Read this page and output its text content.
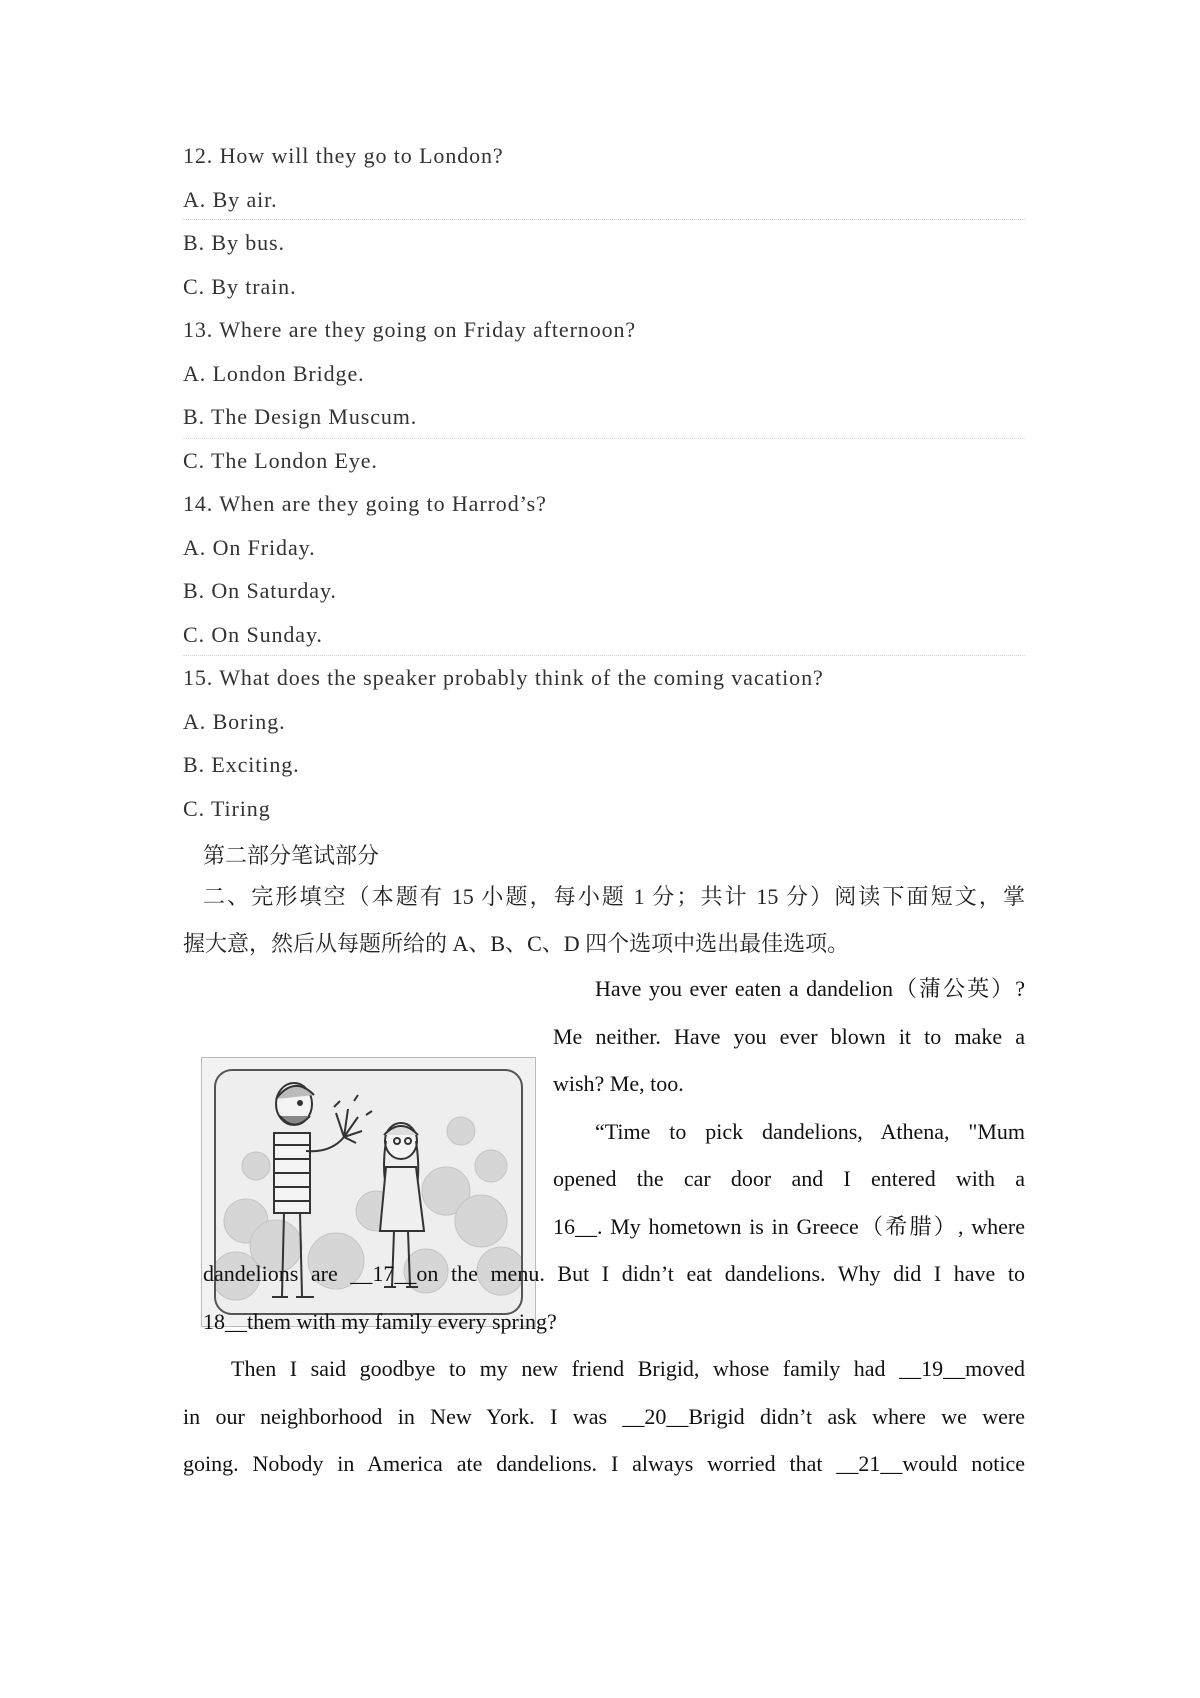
12. How will they go to London?
A. By air.
B. By bus.
C. By train.
13. Where are they going on Friday afternoon?
A. London Bridge.
B. The Design Muscum.
C. The London Eye.
14. When are they going to Harrod’s?
A. On Friday.
B. On Saturday.
C. On Sunday.
15. What does the speaker probably think of the coming vacation?
A. Boring.
B. Exciting.
C. Tiring
第二部分笔试部分
二、完形填空（本题有 15 小题，每小题 1 分；共计 15 分）阅读下面短文，掌
握大意，然后从每题所给的 A、B、C、D 四个选项中选出最佳选项。
Have you ever eaten a dandelion（蒲公英）?
Me neither. Have you ever blown it to make a
wish? Me, too.
“Time to pick dandelions, Athena, "Mum
opened the car door and I entered with a
16__. My hometown is in Greece（希腊）, where
dandelions are __17__on the menu. But I didn’t eat dandelions. Why did I have to
18__them with my family every spring?
Then I said goodbye to my new friend Brigid, whose family had __19__moved
in our neighborhood in New York. I was __20__Brigid didn’t ask where we were
going. Nobody in America ate dandelions. I always worried that __21__would notice
